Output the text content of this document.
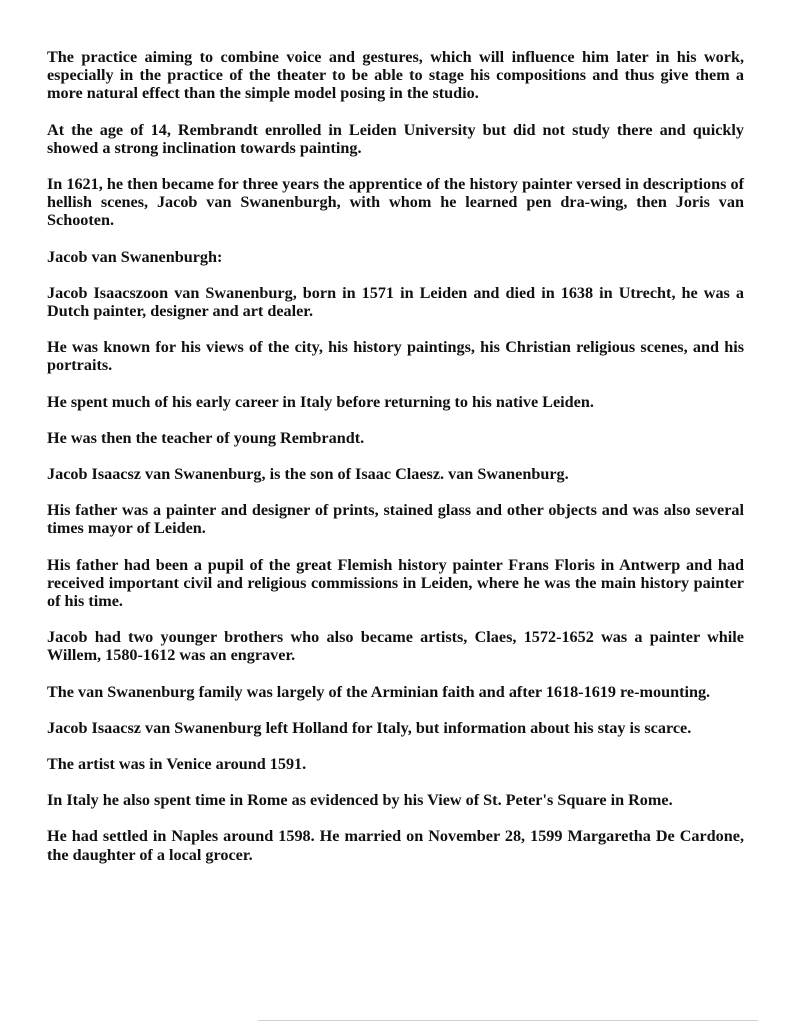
The practice aiming to combine voice and gestures, which will influence him later in his work, especially in the practice of the theater to be able to stage his compositions and thus give them a more natural effect than the simple model posing in the studio.

At the age of 14, Rembrandt enrolled in Leiden University but did not study there and quickly showed a strong inclination towards painting.

In 1621, he then became for three years the apprentice of the history painter versed in descriptions of hellish scenes, Jacob van Swanenburgh, with whom he learned pen dra-wing, then Joris van Schooten.

Jacob van Swanenburgh:

Jacob Isaacszoon van Swanenburg, born in 1571 in Leiden and died in 1638 in Utrecht, he was a Dutch painter, designer and art dealer.

He was known for his views of the city, his history paintings, his Christian religious scenes, and his portraits.

He spent much of his early career in Italy before returning to his native Leiden.

He was then the teacher of young Rembrandt.

Jacob Isaacsz van Swanenburg, is the son of Isaac Claesz. van Swanenburg.

His father was a painter and designer of prints, stained glass and other objects and was also several times mayor of Leiden.

His father had been a pupil of the great Flemish history painter Frans Floris in Antwerp and had received important civil and religious commissions in Leiden, where he was the main history painter of his time.

Jacob had two younger brothers who also became artists, Claes, 1572-1652 was a painter while Willem, 1580-1612 was an engraver.

The van Swanenburg family was largely of the Arminian faith and after 1618-1619 re-mounting.

Jacob Isaacsz van Swanenburg left Holland for Italy, but information about his stay is scarce.

The artist was in Venice around 1591.

In Italy he also spent time in Rome as evidenced by his View of St. Peter's Square in Rome.

He had settled in Naples around 1598. He married on November 28, 1599 Margaretha De Cardone, the daughter of a local grocer.
